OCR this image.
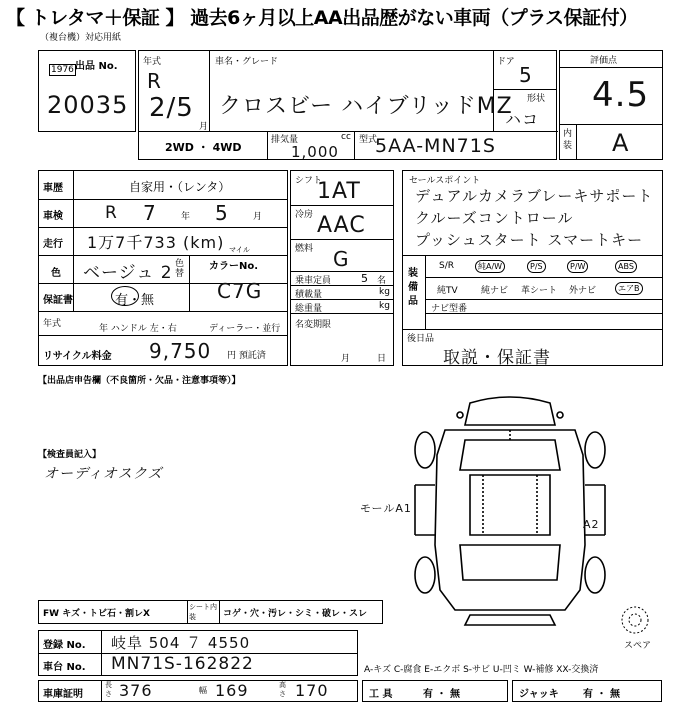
【 トレタマ＋保証 】 過去6ヶ月以上AA出品歴がない車両（プラス保証付）
（複台機）対応用紙
出品 No.
1976
20035
年式
R
2/5
月
車名・グレード
クロスビー ハイブリッドMZ
ドア
5
形状
ハコ
2WD ・ 4WD
排気量	cc
1,000
型式
5AA-MN71S
評価点
4.5
内装 A
車歴	自家用・（レンタ）
車検 R 7	年 5	月
走行 1万7千733 (km) マイル
色 ベージュ 2 色替
カラーNo.
C7G
保証書	有・無
年式	年 ハンドル 左・右	ディーラー・並行
リサイクル料金 9,750 円 預託済
シフト
1AT
冷房 AAC
燃料 G
乗車定員	5 名
積載量	kg
総重量	kg
名変期限
月	日
セールスポイント
デュアルカメラブレーキサポート
クルーズコントロール
プッシュスタート スマートキー
装備品
S/R	純A/W	P/S	P/W	ABS
純TV	純ナビ 革シート 外ナビ	エアB
ナビ型番
後日品
取説・保証書
【出品店申告欄（不良箇所・欠品・注意事項等）】
【検査員記入】
オーディオスクズ
モールA1
A2
スペア
FW キズ・トビ石・割レX
シート内装	コゲ・穴・汚レ・シミ・破レ・スレ
登録 No. 岐阜 504 ７ 4550
車台 No. MN71S-162822	A-キズ C-腐食 E-エクボ S-サビ U-凹ミ W-補修 XX-交換済
車庫証明
長さ 376	幅 169	高さ 170	工 具	有 ・ 無	ジャッキ 有 ・ 無
